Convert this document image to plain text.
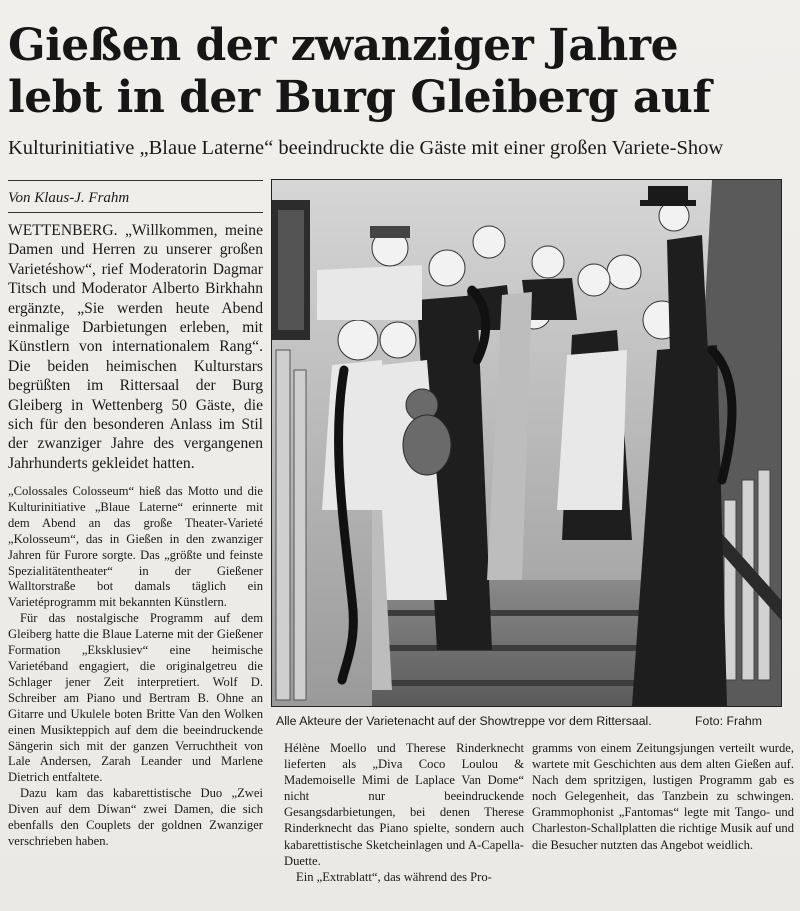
Gießen der zwanziger Jahre
lebt in der Burg Gleiberg auf
Kulturinitiative „Blaue Laterne“ beeindruckte die Gäste mit einer großen Variete-Show
Von Klaus-J. Frahm

WETTENBERG. „Willkommen, meine Damen und Herren zu unserer großen Varietéshow“, rief Moderatorin Dagmar Titsch und Moderator Alberto Birkhahn ergänzte, „Sie werden heute Abend einmalige Darbietungen erleben, mit Künstlern von internationalem Rang“. Die beiden heimischen Kulturstars begrüßten im Rittersaal der Burg Gleiberg in Wettenberg 50 Gäste, die sich für den besonderen Anlass im Stil der zwanziger Jahre des vergangenen Jahrhunderts gekleidet hatten.

„Colossales Colosseum“ hieß das Motto und die Kulturinitiative „Blaue Laterne“ erinnerte mit dem Abend an das große Theater-Varieté „Kolosseum“, das in Gießen in den zwanziger Jahren für Furore sorgte. Das „größte und feinste Spezialitätentheater“ in der Gießener Walltorstraße bot damals täglich ein Varietéprogramm mit bekannten Künstlern.

Für das nostalgische Programm auf dem Gleiberg hatte die Blaue Laterne mit der Gießener Formation „Eksklusiev“ eine heimische Varietéband engagiert, die originalgetreu die Schlager jener Zeit interpretiert. Wolf D. Schreiber am Piano und Bertram B. Ohne an Gitarre und Ukulele boten Britte Van den Wolken einen Musikteppich auf dem die beeindruckende Sängerin sich mit der ganzen Verruchtheit von Lale Andersen, Zarah Leander und Marlene Dietrich entfaltete.

Dazu kam das kabarettistische Duo „Zwei Diven auf dem Diwan“ zwei Damen, die sich ebenfalls den Couplets der goldnen Zwanziger verschrieben haben.

Alle Akteure der Varietenacht auf der Showtreppe vor dem Rittersaal.	Foto: Frahm

Hélène Moello und Therese Rinderknecht lieferten als „Diva Coco Loulou & Mademoiselle Mimi de Laplace Van Dome“ nicht nur beeindruckende Gesangsdarbietungen, bei denen Therese Rinderknecht das Piano spielte, sondern auch kabarettistische Sketcheinlagen und A-Capella-Duette.

Ein „Extrablatt“, das während des Pro-

gramms von einem Zeitungsjungen verteilt wurde, wartete mit Geschichten aus dem alten Gießen auf. Nach dem spritzigen, lustigen Programm gab es noch Gelegenheit, das Tanzbein zu schwingen. Grammophonist „Fantomas“ legte mit Tango- und Charleston-Schallplatten die richtige Musik auf und die Besucher nutzten das Angebot weidlich.
